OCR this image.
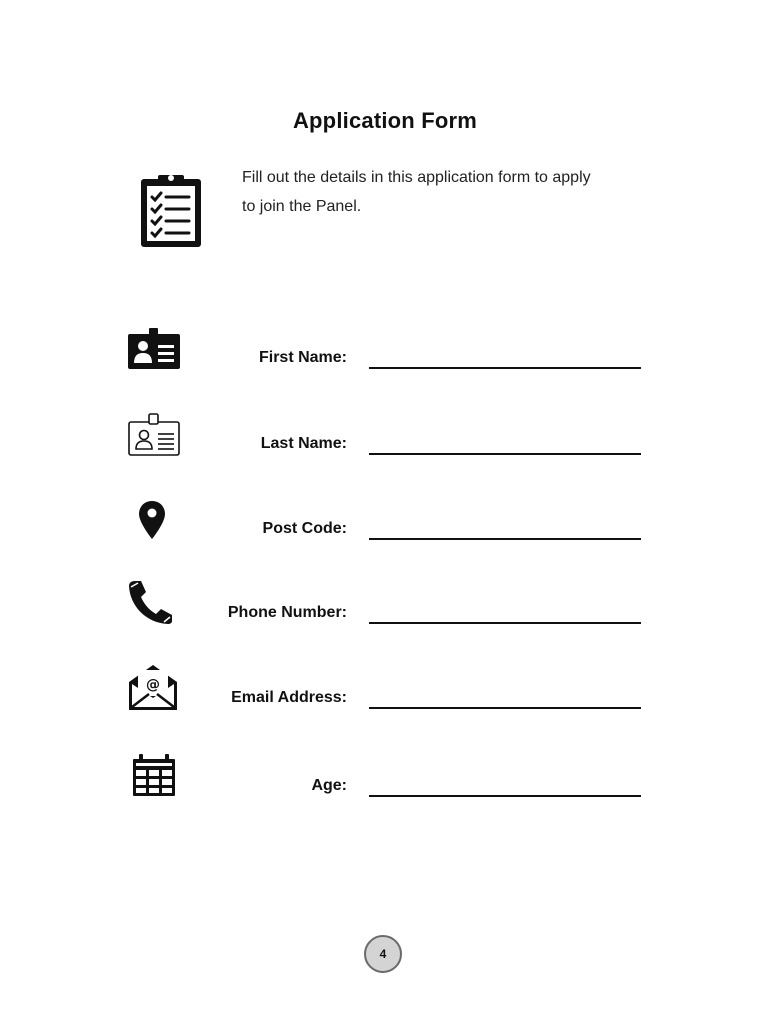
Application Form
Fill out the details in this application form to apply
to join the Panel.
First Name:
Last Name:
Post Code:
Phone Number:
@
Email Address:
Age:
4
